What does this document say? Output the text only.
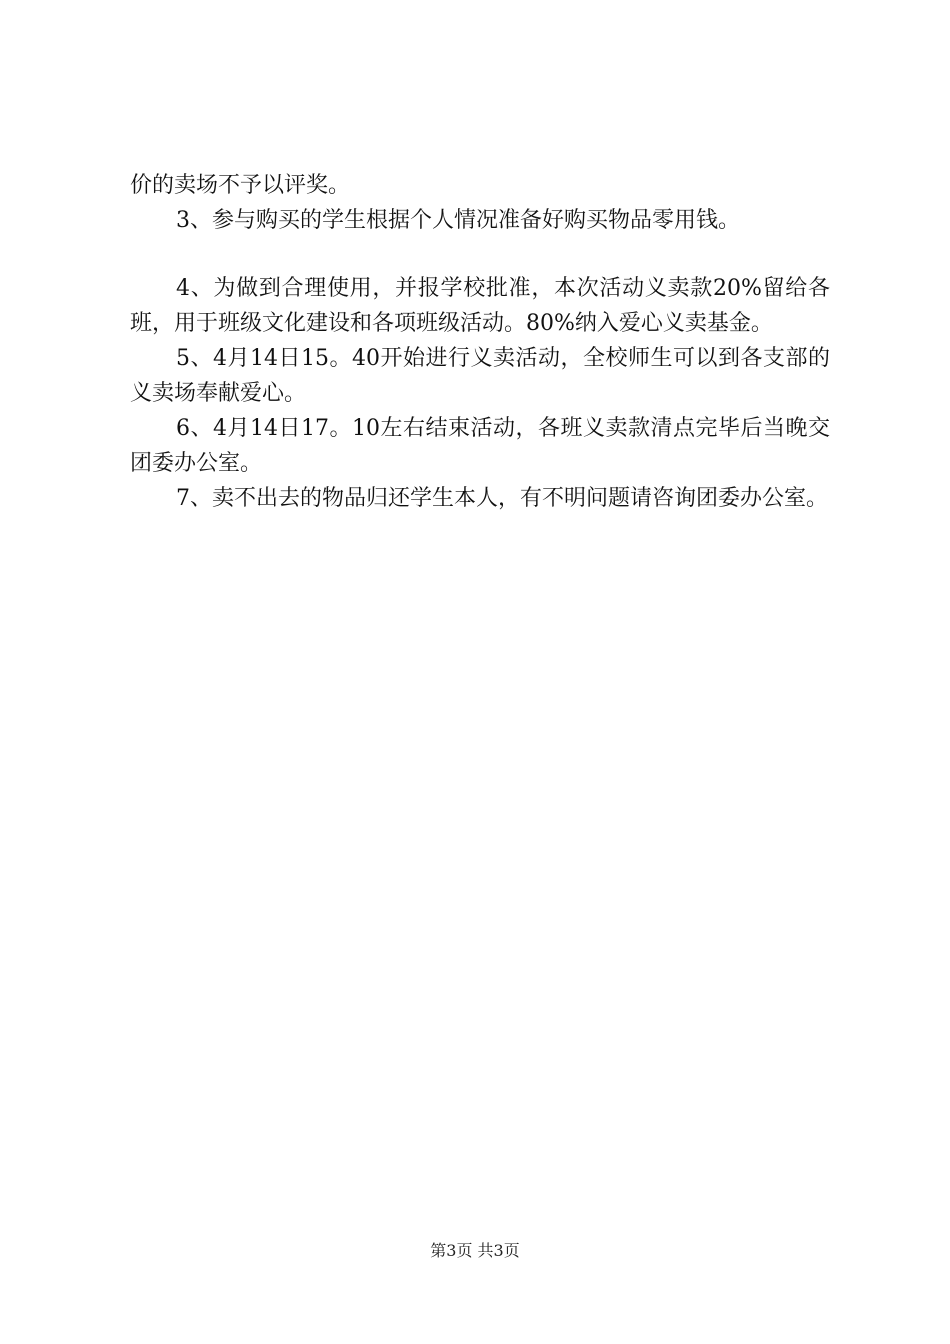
价的卖场不予以评奖。

3、参与购买的学生根据个人情况准备好购买物品零用钱。

4、为做到合理使用，并报学校批准，本次活动义卖款20%留给各班，用于班级文化建设和各项班级活动。80%纳入爱心义卖基金。

5、4月14日15。40开始进行义卖活动，全校师生可以到各支部的义卖场奉献爱心。

6、4月14日17。10左右结束活动，各班义卖款清点完毕后当晚交团委办公室。

7、卖不出去的物品归还学生本人，有不明问题请咨询团委办公室。

第3页 共3页
